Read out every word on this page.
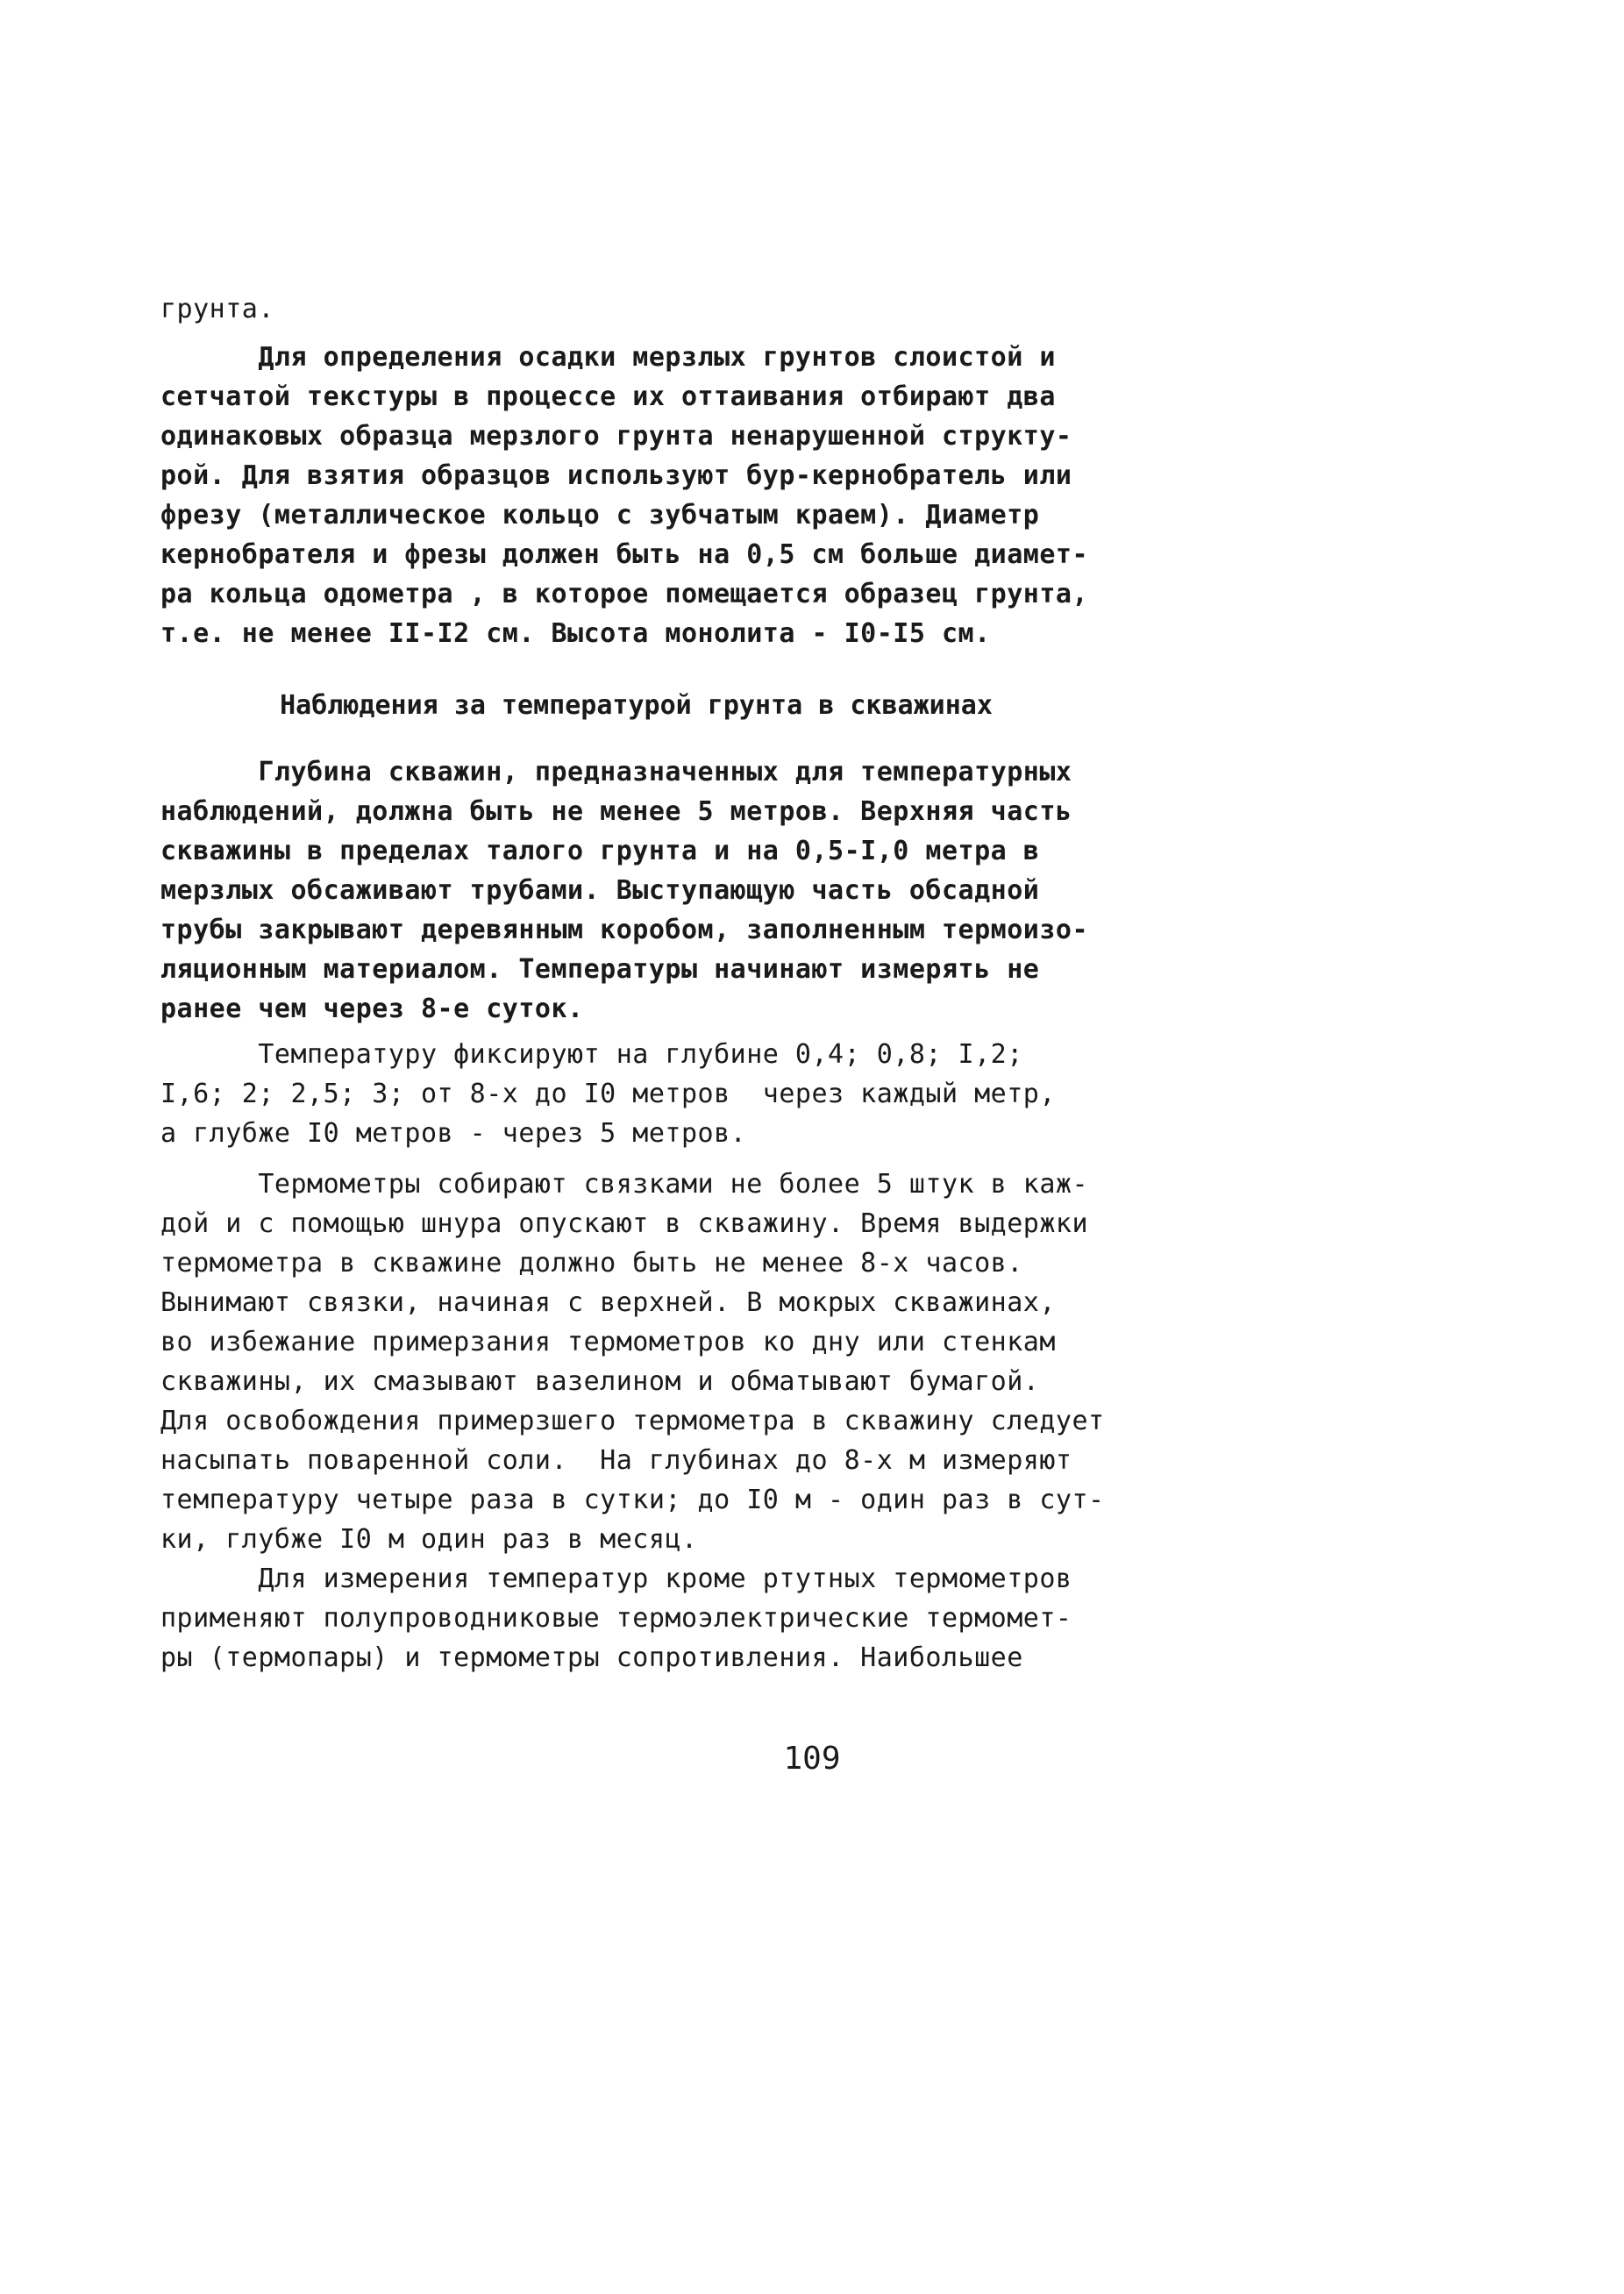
грунта.
Для определения осадки мерзлых грунтов слоистой и
сетчатой текстуры в процессе их оттаивания отбирают два
одинаковых образца мерзлого грунта ненарушенной структу-
рой. Для взятия образцов используют бур-кернобратель или
фрезу (металлическое кольцо с зубчатым краем). Диаметр
кернобрателя и фрезы должен быть на 0,5 см больше диамет-
ра кольца одометра , в которое помещается образец грунта,
т.е. не менее II-I2 см. Высота монолита - I0-I5 см.
Наблюдения за температурой грунта в скважинах
Глубина скважин, предназначенных для температурных
наблюдений, должна быть не менее 5 метров. Верхняя часть
скважины в пределах талого грунта и на 0,5-I,0 метра в
мерзлых обсаживают трубами. Выступающую часть обсадной
трубы закрывают деревянным коробом, заполненным термоизо-
ляционным материалом. Температуры начинают измерять не
ранее чем через 8-е суток.
Температуру фиксируют на глубине 0,4; 0,8; I,2;
I,6; 2; 2,5; 3; от 8-х до I0 метров  через каждый метр,
а глубже I0 метров - через 5 метров.
Термометры собирают связками не более 5 штук в каж-
дой и с помощью шнура опускают в скважину. Время выдержки
термометра в скважине должно быть не менее 8-х часов.
Вынимают связки, начиная с верхней. В мокрых скважинах,
во избежание примерзания термометров ко дну или стенкам
скважины, их смазывают вазелином и обматывают бумагой.
Для освобождения примерзшего термометра в скважину следует
насыпать поваренной соли.  На глубинах до 8-х м измеряют
температуру четыре раза в сутки; до I0 м - один раз в сут-
ки, глубже I0 м один раз в месяц.
Для измерения температур кроме ртутных термометров
применяют полупроводниковые термоэлектрические термомет-
ры (термопары) и термометры сопротивления. Наибольшее
109
